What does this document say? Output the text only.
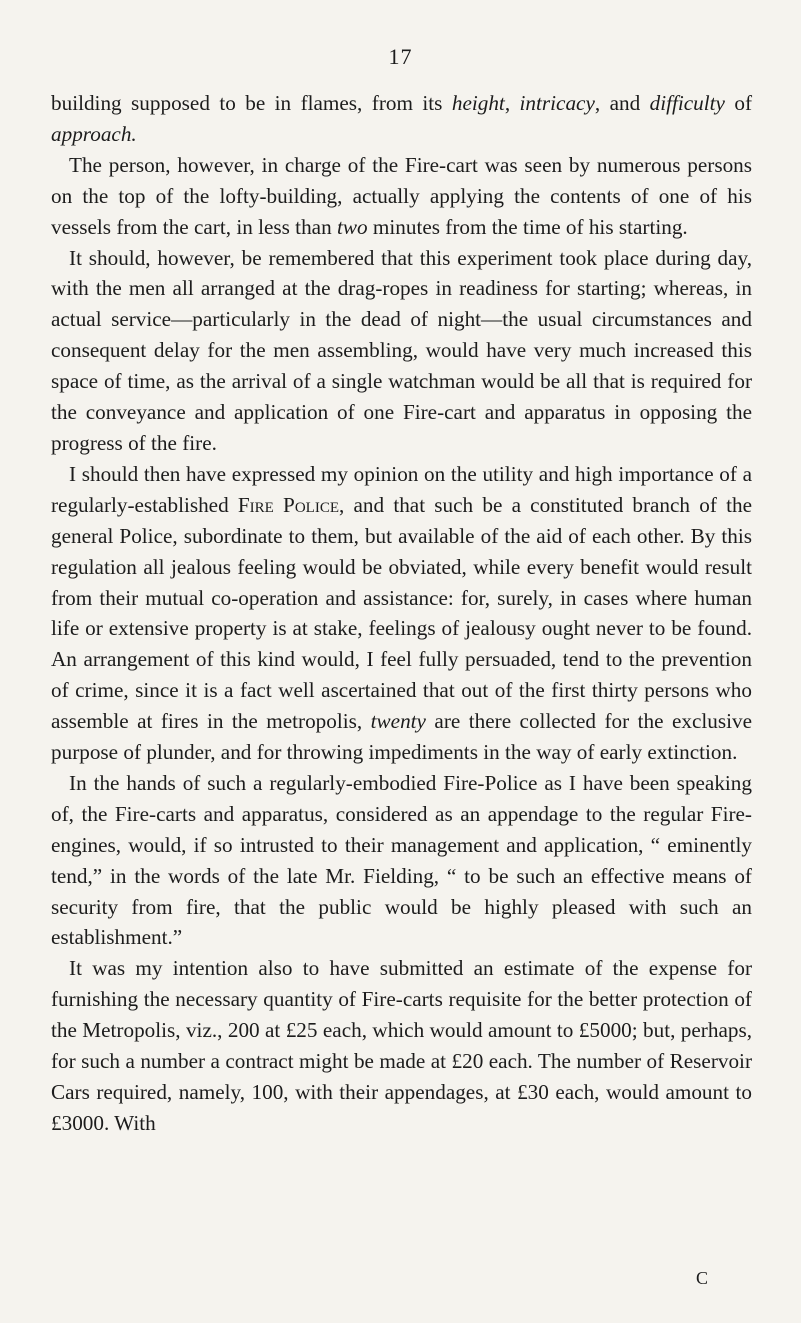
17

building supposed to be in flames, from its height, intricacy, and difficulty of approach.

The person, however, in charge of the Fire-cart was seen by numerous persons on the top of the lofty-building, actually applying the contents of one of his vessels from the cart, in less than two minutes from the time of his starting.

It should, however, be remembered that this experiment took place during day, with the men all arranged at the drag-ropes in readiness for starting; whereas, in actual service—particularly in the dead of night—the usual circumstances and consequent delay for the men assembling, would have very much increased this space of time, as the arrival of a single watchman would be all that is required for the conveyance and application of one Fire-cart and apparatus in opposing the progress of the fire.

I should then have expressed my opinion on the utility and high importance of a regularly-established Fire Police, and that such be a constituted branch of the general Police, subordinate to them, but available of the aid of each other. By this regulation all jealous feeling would be obviated, while every benefit would result from their mutual co-operation and assistance: for, surely, in cases where human life or extensive property is at stake, feelings of jealousy ought never to be found. An arrangement of this kind would, I feel fully persuaded, tend to the prevention of crime, since it is a fact well ascertained that out of the first thirty persons who assemble at fires in the metropolis, twenty are there collected for the exclusive purpose of plunder, and for throwing impediments in the way of early extinction.

In the hands of such a regularly-embodied Fire-Police as I have been speaking of, the Fire-carts and apparatus, considered as an appendage to the regular Fire-engines, would, if so intrusted to their management and application, “ eminently tend,” in the words of the late Mr. Fielding, “ to be such an effective means of security from fire, that the public would be highly pleased with such an establishment.”

It was my intention also to have submitted an estimate of the expense for furnishing the necessary quantity of Fire-carts requisite for the better protection of the Metropolis, viz., 200 at £25 each, which would amount to £5000; but, perhaps, for such a number a contract might be made at £20 each. The number of Reservoir Cars required, namely, 100, with their appendages, at £30 each, would amount to £3000. With

C
